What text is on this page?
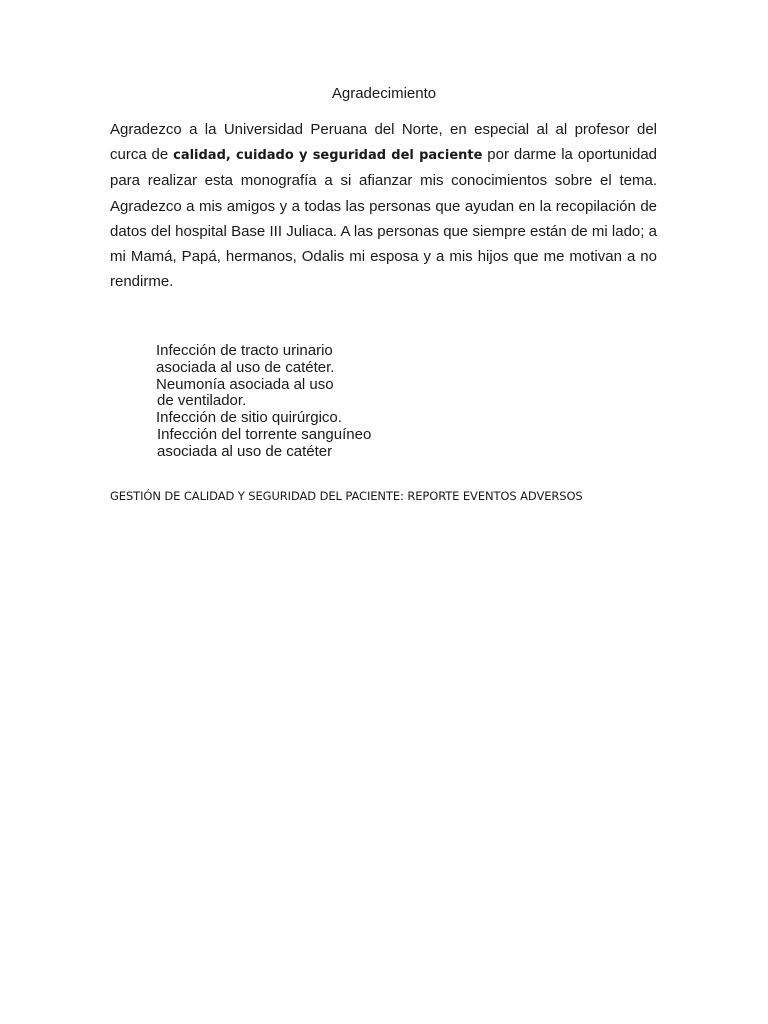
Agradecimiento

Agradezco a la Universidad Peruana del Norte, en especial al al profesor del curca de calidad, cuidado y seguridad del paciente por darme la oportunidad para realizar esta monografía a si afianzar mis conocimientos sobre el tema. Agradezco a mis amigos y a todas las personas que ayudan en la recopilación de datos del hospital Base III Juliaca. A las personas que siempre están de mi lado; a mi Mamá, Papá, hermanos, Odalis mi esposa y a mis hijos que me motivan a no rendirme.

Infección de tracto urinario
asociada al uso de catéter.
Neumonía asociada al uso
de ventilador.
Infección de sitio quirúrgico.
Infección del torrente sanguíneo
asociada al uso de catéter
GESTIÓN DE CALIDAD Y SEGURIDAD DEL PACIENTE: REPORTE EVENTOS ADVERSOS
